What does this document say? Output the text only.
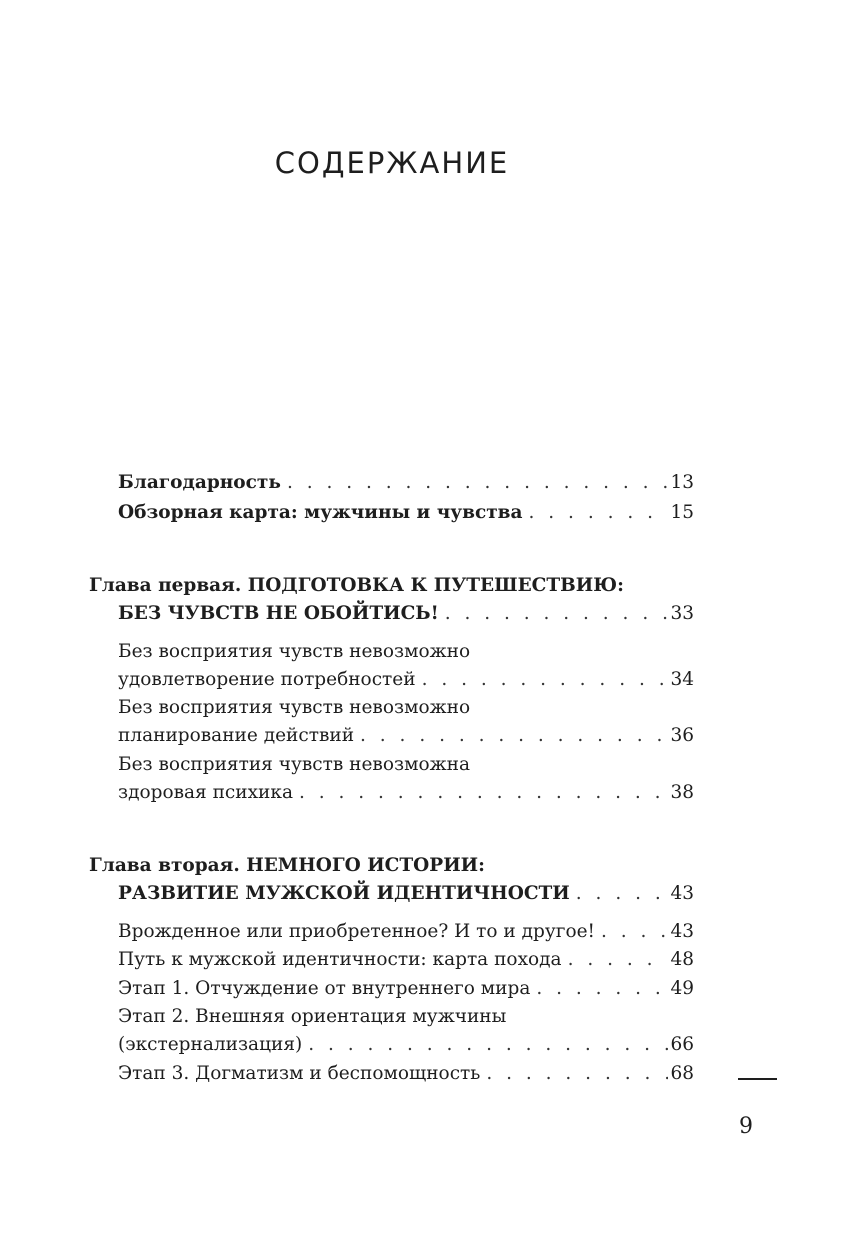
СОДЕРЖАНИЕ
Благодарность . . .	13
Обзорная карта: мужчины и чувства . . .	15
Глава первая. ПОДГОТОВКА К ПУТЕШЕСТВИЮ:
БЕЗ ЧУВСТВ НЕ ОБОЙТИСЬ! . . .	33
Без восприятия чувств невозможно
удовлетворение потребностей . . .	34
Без восприятия чувств невозможно
планирование действий . . .	36
Без восприятия чувств невозможна
здоровая психика . . .	38
Глава вторая. НЕМНОГО ИСТОРИИ:
РАЗВИТИЕ МУЖСКОЙ ИДЕНТИЧНОСТИ . . .	43
Врожденное или приобретенное? И то и другое! . . .	43
Путь к мужской идентичности: карта похода . . .	48
Этап 1. Отчуждение от внутреннего мира . . .	49
Этап 2. Внешняя ориентация мужчины
(экстернализация) . . .	66
Этап 3. Догматизм и беспомощность . . .	68
9
